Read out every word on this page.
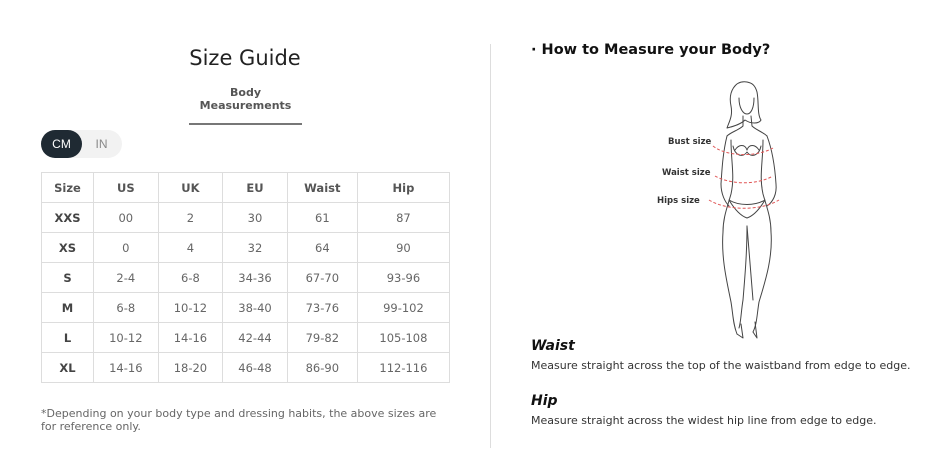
Size Guide
Body Measurements
CM	IN
Size	US	UK	EU	Waist	Hip
XXS	00	2	30	61	87
XS	0	4	32	64	90
S	2-4	6-8	34-36	67-70	93-96
M	6-8	10-12	38-40	73-76	99-102
L	10-12	14-16	42-44	79-82	105-108
XL	14-16	18-20	46-48	86-90	112-116
*Depending on your body type and dressing habits, the above sizes are for reference only.
· How to Measure your Body?
Bust size
Waist size
Hips size
Waist
Measure straight across the top of the waistband from edge to edge.
Hip
Measure straight across the widest hip line from edge to edge.
